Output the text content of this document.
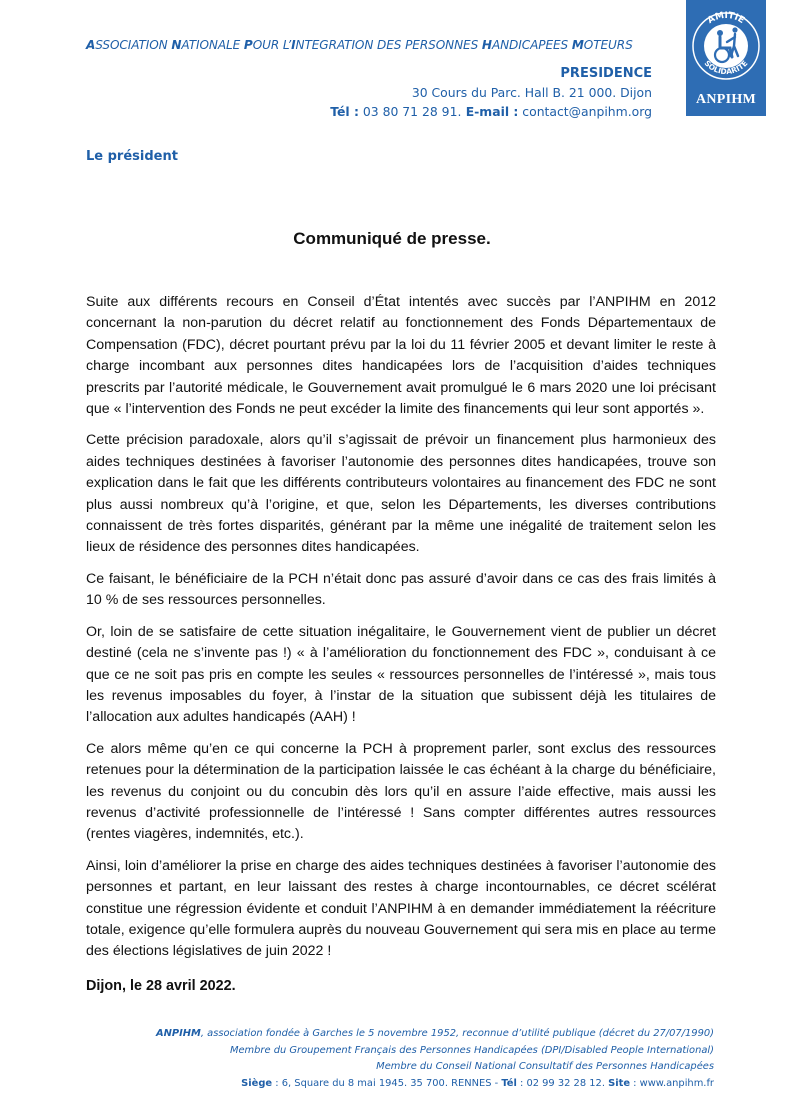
ASSOCIATION NATIONALE POUR L’INTEGRATION DES PERSONNES HANDICAPEES MOTEURS
PRESIDENCE
30 Cours du Parc. Hall B. 21 000. Dijon
Tél : 03 80 71 28 91. E-mail : contact@anpihm.org
AMITIE
SOLIDARITE
ANPIHM
Le président
Communiqué de presse.

Suite aux différents recours en Conseil d’État intentés avec succès par l’ANPIHM en 2012 concernant la non-parution du décret relatif au fonctionnement des Fonds Départementaux de Compensation (FDC), décret pourtant prévu par la loi du 11 février 2005 et devant limiter le reste à charge incombant aux personnes dites handicapées lors de l’acquisition d’aides techniques prescrits par l’autorité médicale, le Gouvernement avait promulgué le 6 mars 2020 une loi précisant que « l’intervention des Fonds ne peut excéder la limite des financements qui leur sont apportés ».

Cette précision paradoxale, alors qu’il s’agissait de prévoir un financement plus harmonieux des aides techniques destinées à favoriser l’autonomie des personnes dites handicapées, trouve son explication dans le fait que les différents contributeurs volontaires au financement des FDC ne sont plus aussi nombreux qu’à l’origine, et que, selon les Départements, les diverses contributions connaissent de très fortes disparités, générant par la même une inégalité de traitement selon les lieux de résidence des personnes dites handicapées.

Ce faisant, le bénéficiaire de la PCH n’était donc pas assuré d’avoir dans ce cas des frais limités à 10 % de ses ressources personnelles.

Or, loin de se satisfaire de cette situation inégalitaire, le Gouvernement vient de publier un décret destiné (cela ne s’invente pas !) « à l’amélioration du fonctionnement des FDC », conduisant à ce que ce ne soit pas pris en compte les seules « ressources personnelles de l’intéressé », mais tous les revenus imposables du foyer, à l’instar de la situation que subissent déjà les titulaires de l’allocation aux adultes handicapés (AAH) !

Ce alors même qu’en ce qui concerne la PCH à proprement parler, sont exclus des ressources retenues pour la détermination de la participation laissée le cas échéant à la charge du bénéficiaire, les revenus du conjoint ou du concubin dès lors qu’il en assure l’aide effective, mais aussi les revenus d’activité professionnelle de l’intéressé ! Sans compter différentes autres ressources (rentes viagères, indemnités, etc.).

Ainsi, loin d’améliorer la prise en charge des aides techniques destinées à favoriser l’autonomie des personnes et partant, en leur laissant des restes à charge incontournables, ce décret scélérat constitue une régression évidente et conduit l’ANPIHM à en demander immédiatement la réécriture totale, exigence qu’elle formulera auprès du nouveau Gouvernement qui sera mis en place au terme des élections législatives de juin 2022 !

Dijon, le 28 avril 2022.
ANPIHM, association fondée à Garches le 5 novembre 1952, reconnue d’utilité publique (décret du 27/07/1990)
Membre du Groupement Français des Personnes Handicapées (DPI/Disabled People International)
Membre du Conseil National Consultatif des Personnes Handicapées
Siège : 6, Square du 8 mai 1945. 35 700. RENNES - Tél : 02 99 32 28 12. Site : www.anpihm.fr
